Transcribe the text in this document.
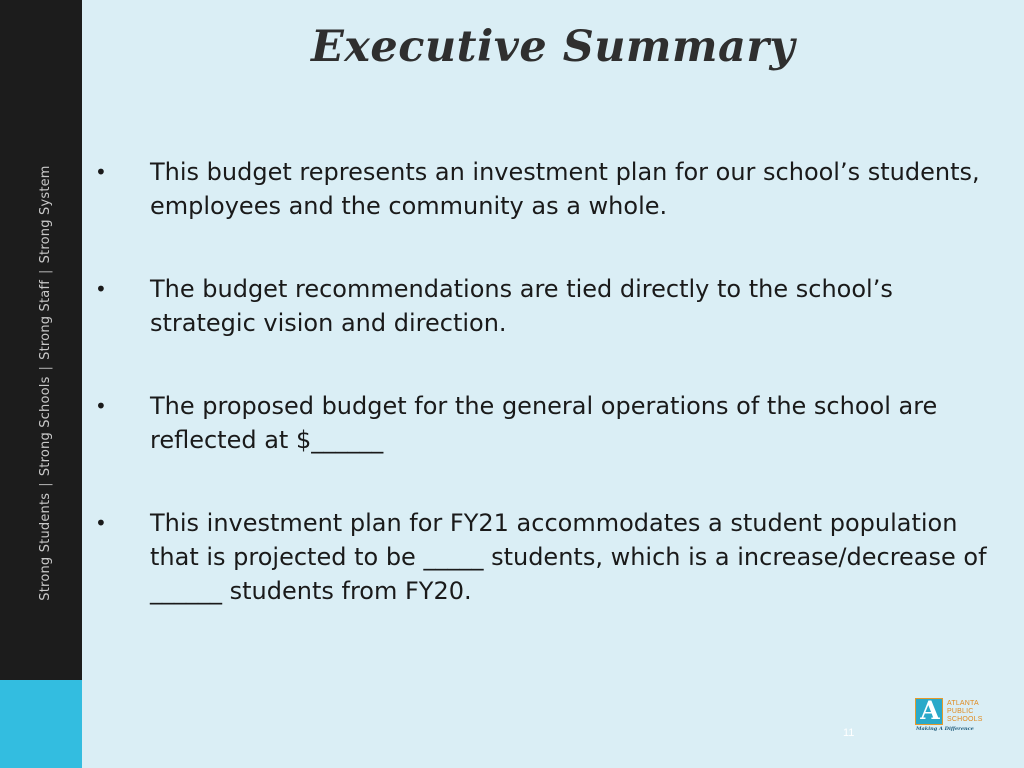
Strong Students|Strong Schools|Strong Staff|Strong System
Executive Summary
• This budget represents an investment plan for our school’s students, employees and the community as a whole.
• The budget recommendations are tied directly to the school’s strategic vision and direction.
• The proposed budget for the general operations of the school are reflected at $______
• This investment plan for FY21 accommodates a student population that is projected to be _____ students, which is a increase/decrease of ______ students from FY20.
11
A	ATLANTA
PUBLIC
SCHOOLS
Making A Difference
